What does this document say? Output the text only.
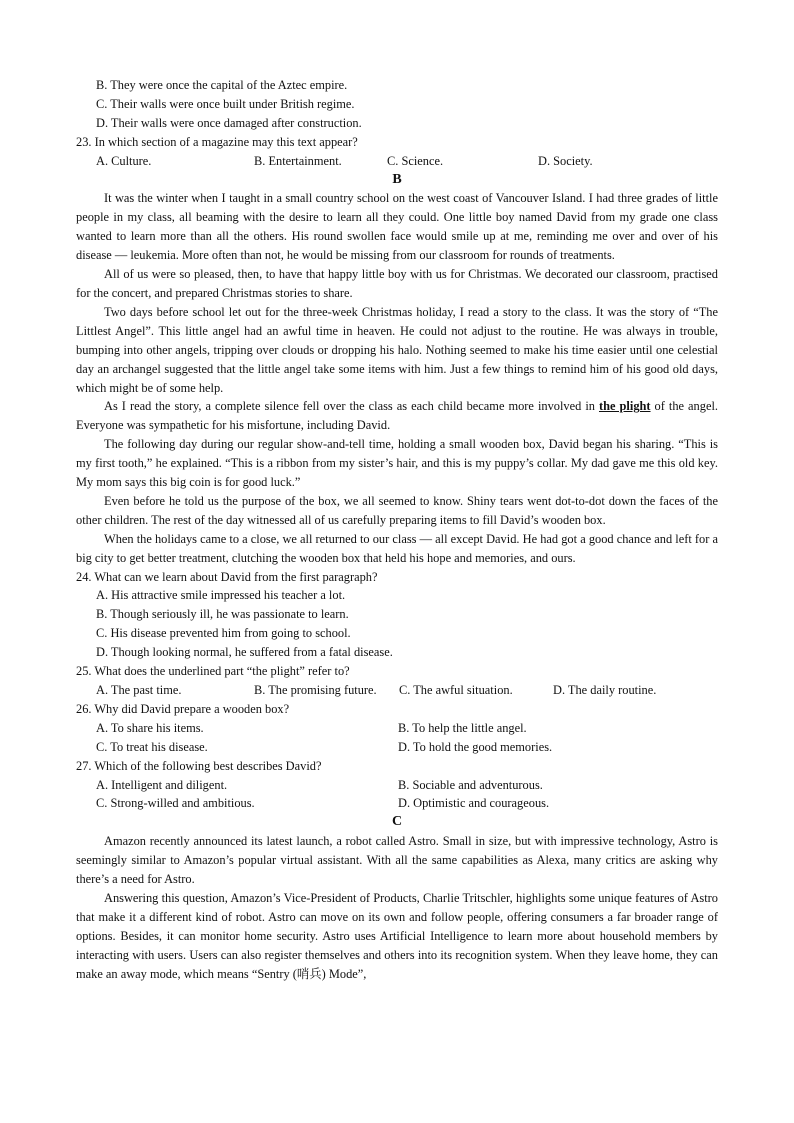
B. They were once the capital of the Aztec empire.
C. Their walls were once built under British regime.
D. Their walls were once damaged after construction.
23. In which section of a magazine may this text appear?
A. Culture.	B. Entertainment.	C. Science.	D. Society.
B
It was the winter when I taught in a small country school on the west coast of Vancouver Island. I had three grades of little people in my class, all beaming with the desire to learn all they could. One little boy named David from my grade one class wanted to learn more than all the others. His round swollen face would smile up at me, reminding me over and over of his disease — leukemia. More often than not, he would be missing from our classroom for rounds of treatments.
All of us were so pleased, then, to have that happy little boy with us for Christmas. We decorated our classroom, practised for the concert, and prepared Christmas stories to share.
Two days before school let out for the three-week Christmas holiday, I read a story to the class. It was the story of “The Littlest Angel”. This little angel had an awful time in heaven. He could not adjust to the routine. He was always in trouble, bumping into other angels, tripping over clouds or dropping his halo. Nothing seemed to make his time easier until one celestial day an archangel suggested that the little angel take some items with him. Just a few things to remind him of his good old days, which might be of some help.
As I read the story, a complete silence fell over the class as each child became more involved in the plight of the angel. Everyone was sympathetic for his misfortune, including David.
The following day during our regular show-and-tell time, holding a small wooden box, David began his sharing. “This is my first tooth,” he explained. “This is a ribbon from my sister’s hair, and this is my puppy’s collar. My dad gave me this old key. My mom says this big coin is for good luck.”
Even before he told us the purpose of the box, we all seemed to know. Shiny tears went dot-to-dot down the faces of the other children. The rest of the day witnessed all of us carefully preparing items to fill David’s wooden box.
When the holidays came to a close, we all returned to our class — all except David. He had got a good chance and left for a big city to get better treatment, clutching the wooden box that held his hope and memories, and ours.
24. What can we learn about David from the first paragraph?
A. His attractive smile impressed his teacher a lot.
B. Though seriously ill, he was passionate to learn.
C. His disease prevented him from going to school.
D. Though looking normal, he suffered from a fatal disease.
25. What does the underlined part “the plight” refer to?
A. The past time.	B. The promising future.	C. The awful situation.	D. The daily routine.
26. Why did David prepare a wooden box?
A. To share his items.	B. To help the little angel.
C. To treat his disease.	D. To hold the good memories.
27. Which of the following best describes David?
A. Intelligent and diligent.	B. Sociable and adventurous.
C. Strong-willed and ambitious.	D. Optimistic and courageous.
C
Amazon recently announced its latest launch, a robot called Astro. Small in size, but with impressive technology, Astro is seemingly similar to Amazon’s popular virtual assistant. With all the same capabilities as Alexa, many critics are asking why there’s a need for Astro.
Answering this question, Amazon’s Vice-President of Products, Charlie Tritschler, highlights some unique features of Astro that make it a different kind of robot. Astro can move on its own and follow people, offering consumers a far broader range of options. Besides, it can monitor home security. Astro uses Artificial Intelligence to learn more about household members by interacting with users. Users can also register themselves and others into its recognition system. When they leave home, they can make an away mode, which means “Sentry (哨兵) Mode”,
